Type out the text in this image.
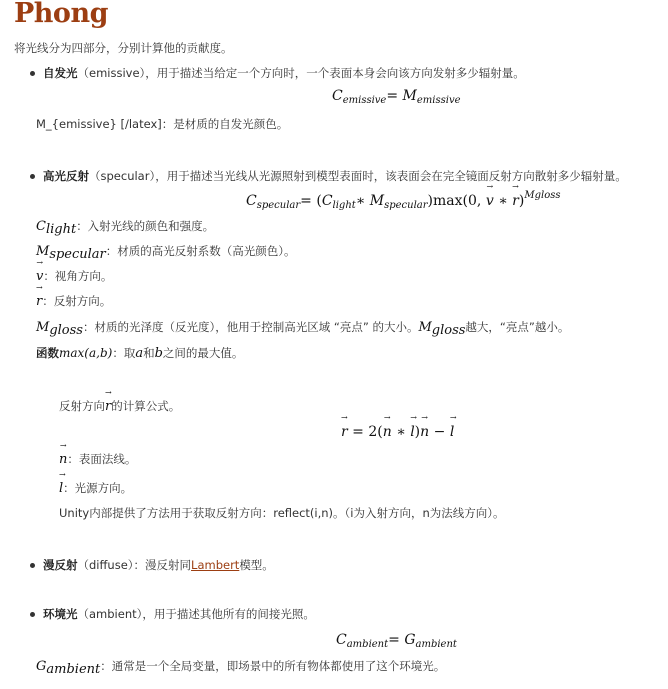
Phong
将光线分为四部分，分别计算他的贡献度。
自发光（emissive），用于描述当给定一个方向时，一个表面本身会向该方向发射多少辐射量。
$C_{emissive}= M_{emissive}$
M_{emissive} [/latex]：是材质的自发光颜色。
高光反射（specular），用于描述当光线从光源照射到模型表面时，该表面会在完全镜面反射方向散射多少辐射量。
$C_{specular}=$ ($C_{light}∗$ $M_{specular})\max(0$, → v ∗ → r)$^{Mgloss}$
Clight：入射光线的颜色和强度。
Mspecular：材质的高光反射系数（高光颜色）。
→ v：视角方向。
→ r：反射方向。
Mgloss：材质的光泽度（反光度），他用于控制高光区域 “亮点” 的大小。Mgloss越大，“亮点”越小。
函数max(a,b)：取a和b之间的最大值。
反射方向→ r的计算公式。
→ r = 2(→ n ∗ → l)→ n − → l
→ n：表面法线。
→ l：光源方向。
Unity内部提供了方法用于获取反射方向：reflect(i,n)。（i为入射方向，n为法线方向）。
漫反射（diffuse）：漫反射同Lambert模型。
环境光（ambient），用于描述其他所有的间接光照。
$C_{ambient}= G_{ambient}$
Gambient：通常是一个全局变量，即场景中的所有物体都使用了这个环境光。
